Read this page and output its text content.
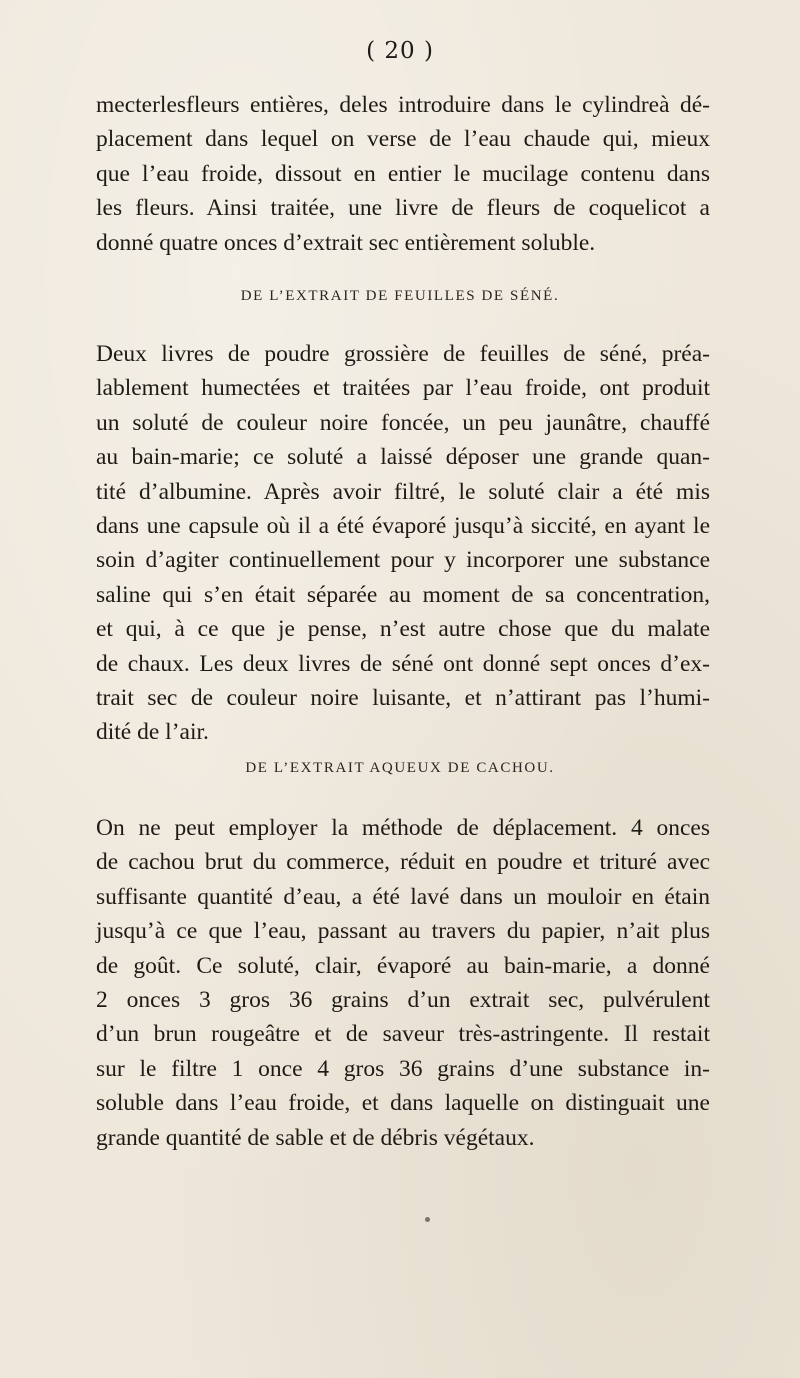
( 20 )
mecterlesfleurs entières, deles introduire dans le cylindreà dé-
placement dans lequel on verse de l’eau chaude qui, mieux
que l’eau froide, dissout en entier le mucilage contenu dans
les fleurs. Ainsi traitée, une livre de fleurs de coquelicot a
donné quatre onces d’extrait sec entièrement soluble.
DE L’EXTRAIT DE FEUILLES DE SÉNÉ.
Deux livres de poudre grossière de feuilles de séné, préa-
lablement humectées et traitées par l’eau froide, ont produit
un soluté de couleur noire foncée, un peu jaunâtre, chauffé
au bain-marie; ce soluté a laissé déposer une grande quan-
tité d’albumine. Après avoir filtré, le soluté clair a été mis
dans une capsule où il a été évaporé jusqu’à siccité, en ayant le
soin d’agiter continuellement pour y incorporer une substance
saline qui s’en était séparée au moment de sa concentration,
et qui, à ce que je pense, n’est autre chose que du malate
de chaux. Les deux livres de séné ont donné sept onces d’ex-
trait sec de couleur noire luisante, et n’attirant pas l’humi-
dité de l’air.
DE L’EXTRAIT AQUEUX DE CACHOU.
On ne peut employer la méthode de déplacement. 4 onces
de cachou brut du commerce, réduit en poudre et trituré avec
suffisante quantité d’eau, a été lavé dans un mouloir en étain
jusqu’à ce que l’eau, passant au travers du papier, n’ait plus
de goût. Ce soluté, clair, évaporé au bain-marie, a donné
2 onces 3 gros 36 grains d’un extrait sec, pulvérulent
d’un brun rougeâtre et de saveur très-astringente. Il restait
sur le filtre 1 once 4 gros 36 grains d’une substance in-
soluble dans l’eau froide, et dans laquelle on distinguait une
grande quantité de sable et de débris végétaux.
